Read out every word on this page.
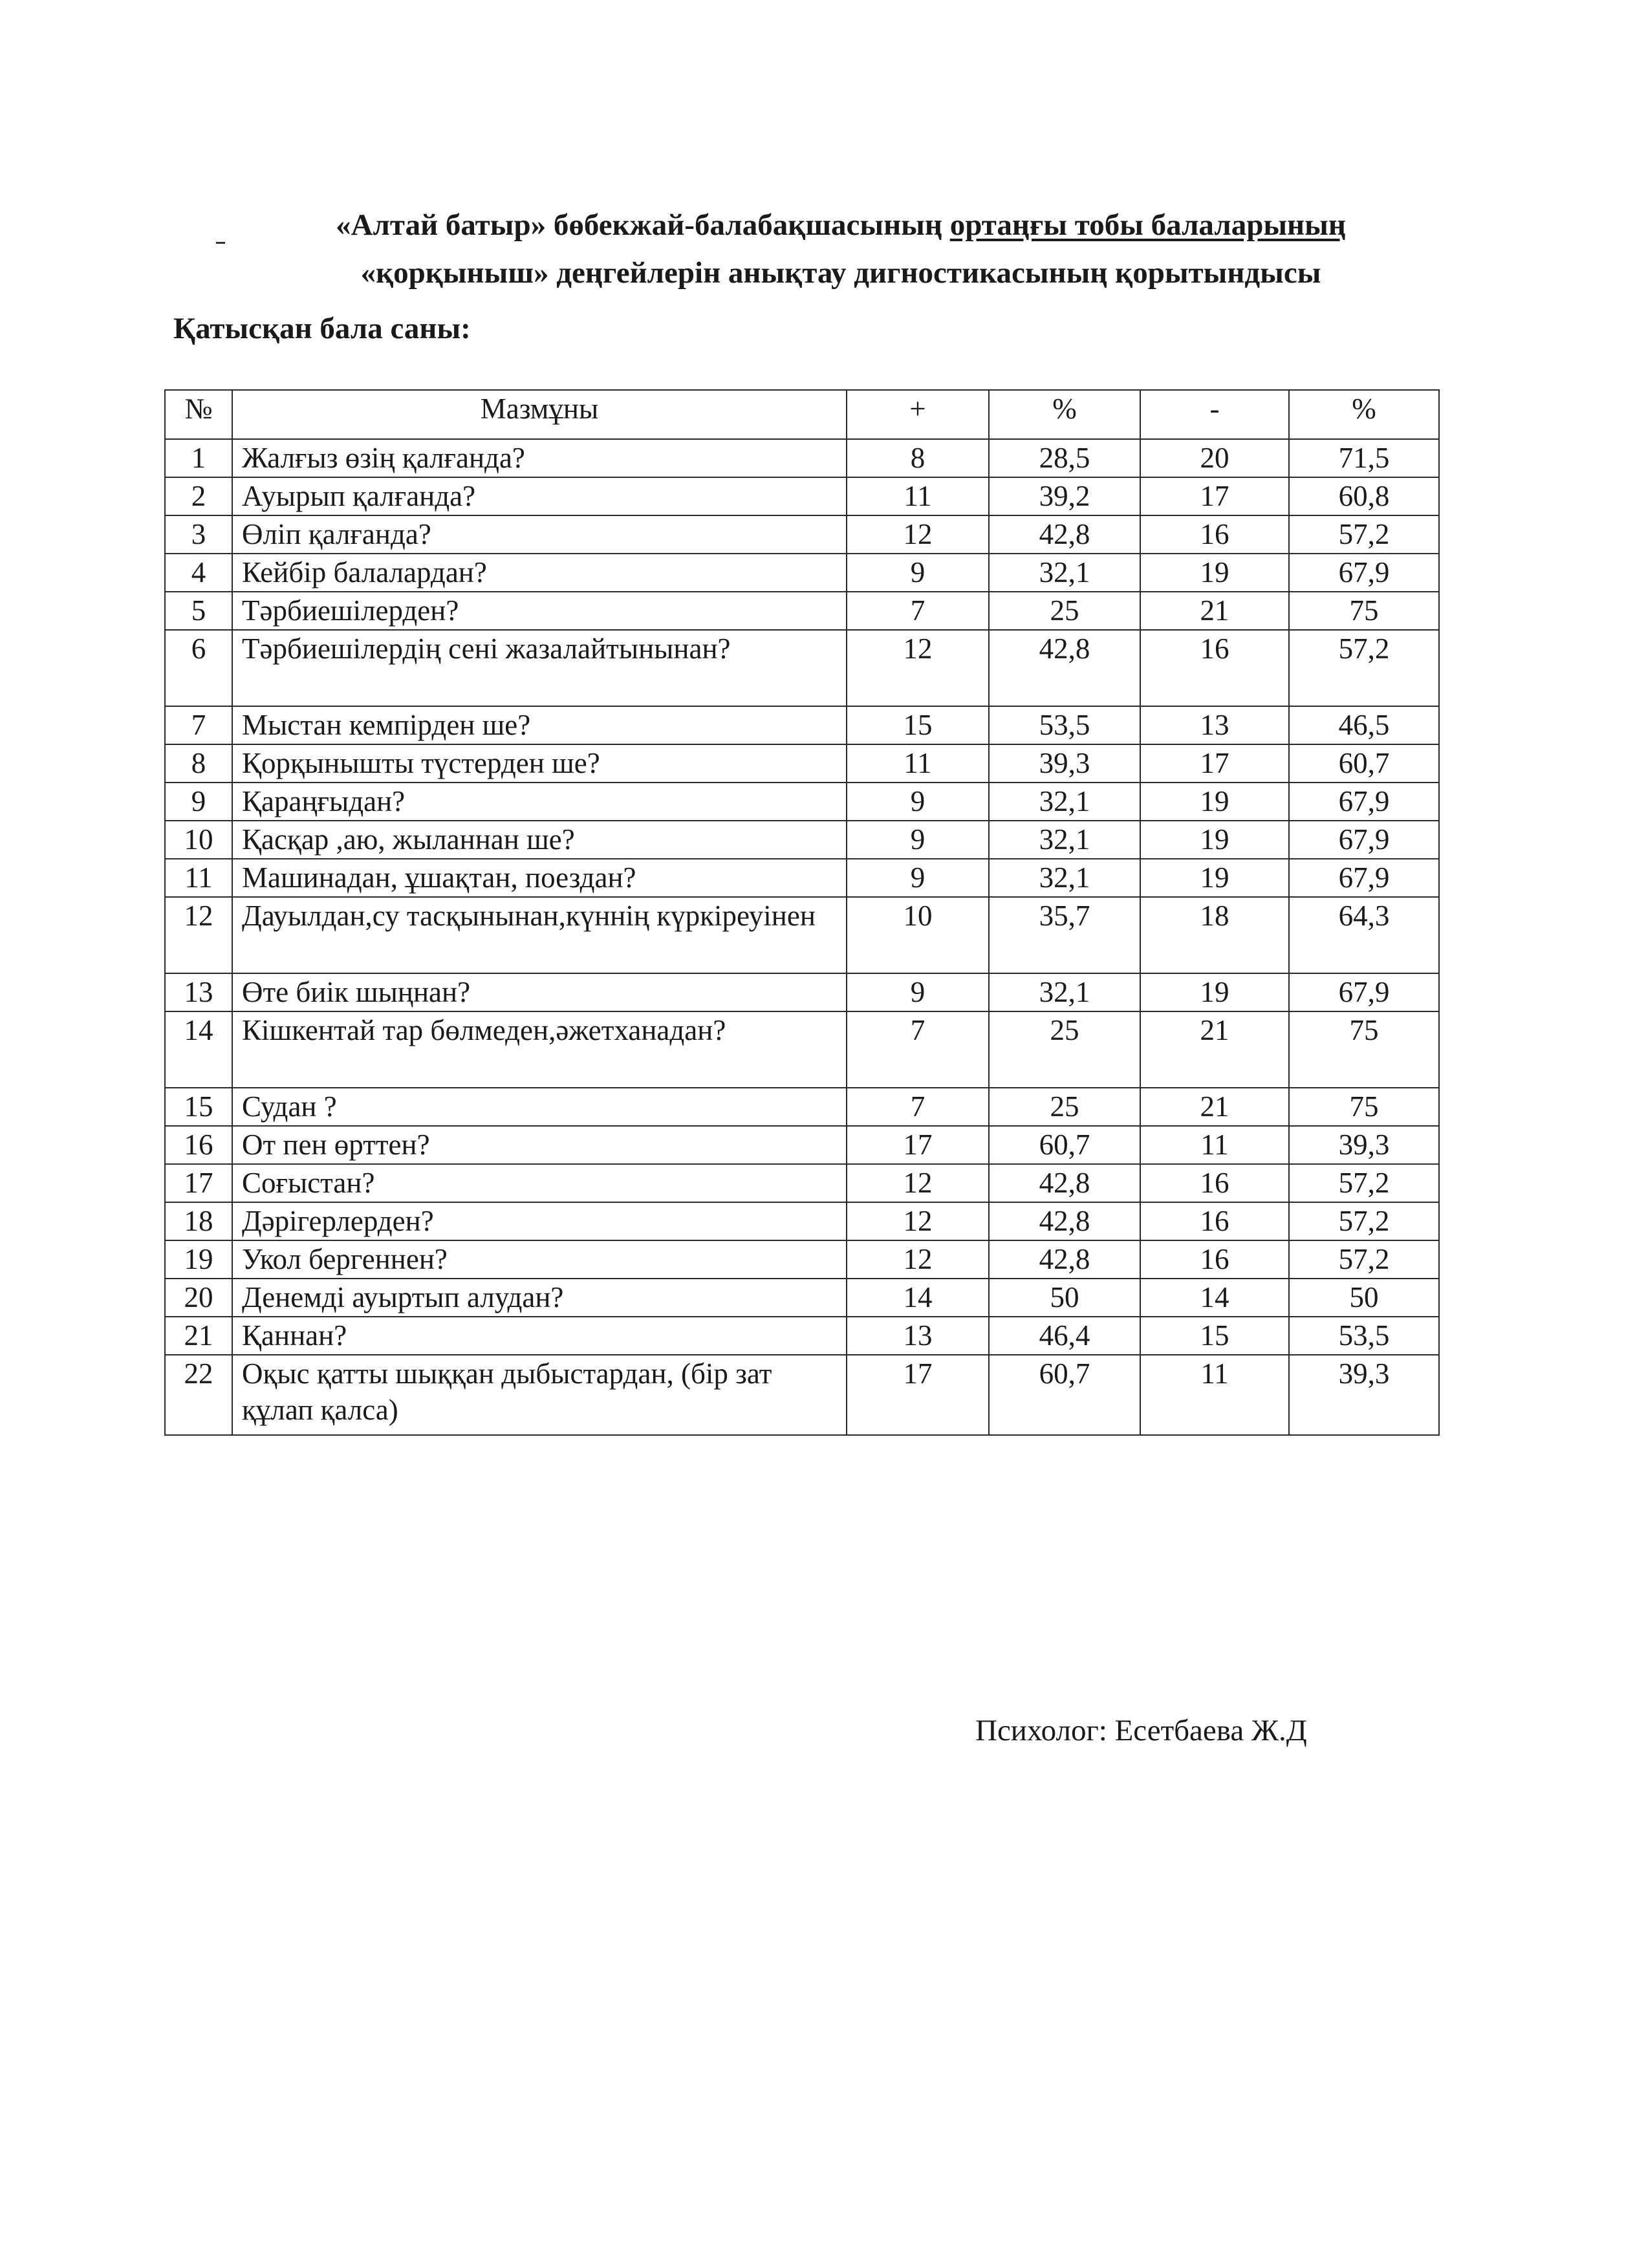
«Алтай батыр» бөбекжай-балабақшасының ортаңғы тобы балаларының
«қорқыныш» деңгейлерін анықтау дигностикасының қорытындысы
Қатысқан бала саны:
№	Мазмұны	+	%	-	%
1	Жалғыз өзің қалғанда?	8	28,5	20	71,5
2	Ауырып қалғанда?	11	39,2	17	60,8
3	Өліп қалғанда?	12	42,8	16	57,2
4	Кейбір балалардан?	9	32,1	19	67,9
5	Тәрбиешілерден?	7	25	21	75
6	Тәрбиешілердің сені жазалайтынынан?	12	42,8	16	57,2
7	Мыстан кемпірден ше?	15	53,5	13	46,5
8	Қорқынышты түстерден ше?	11	39,3	17	60,7
9	Қараңғыдан?	9	32,1	19	67,9
10	Қасқар ,аю, жыланнан ше?	9	32,1	19	67,9
11	Машинадан, ұшақтан, поездан?	9	32,1	19	67,9
12	Дауылдан,су тасқынынан,күннің күркіреуінен	10	35,7	18	64,3
13	Өте биік шыңнан?	9	32,1	19	67,9
14	Кішкентай тар бөлмеден,әжетханадан?	7	25	21	75
15	Судан ?	7	25	21	75
16	От пен өрттен?	17	60,7	11	39,3
17	Соғыстан?	12	42,8	16	57,2
18	Дәрігерлерден?	12	42,8	16	57,2
19	Укол бергеннен?	12	42,8	16	57,2
20	Денемді ауыртып алудан?	14	50	14	50
21	Қаннан?	13	46,4	15	53,5
22	Оқыс қатты шыққан дыбыстардан, (бір зат құлап қалса)	17	60,7	11	39,3
Психолог: Есетбаева Ж.Д
